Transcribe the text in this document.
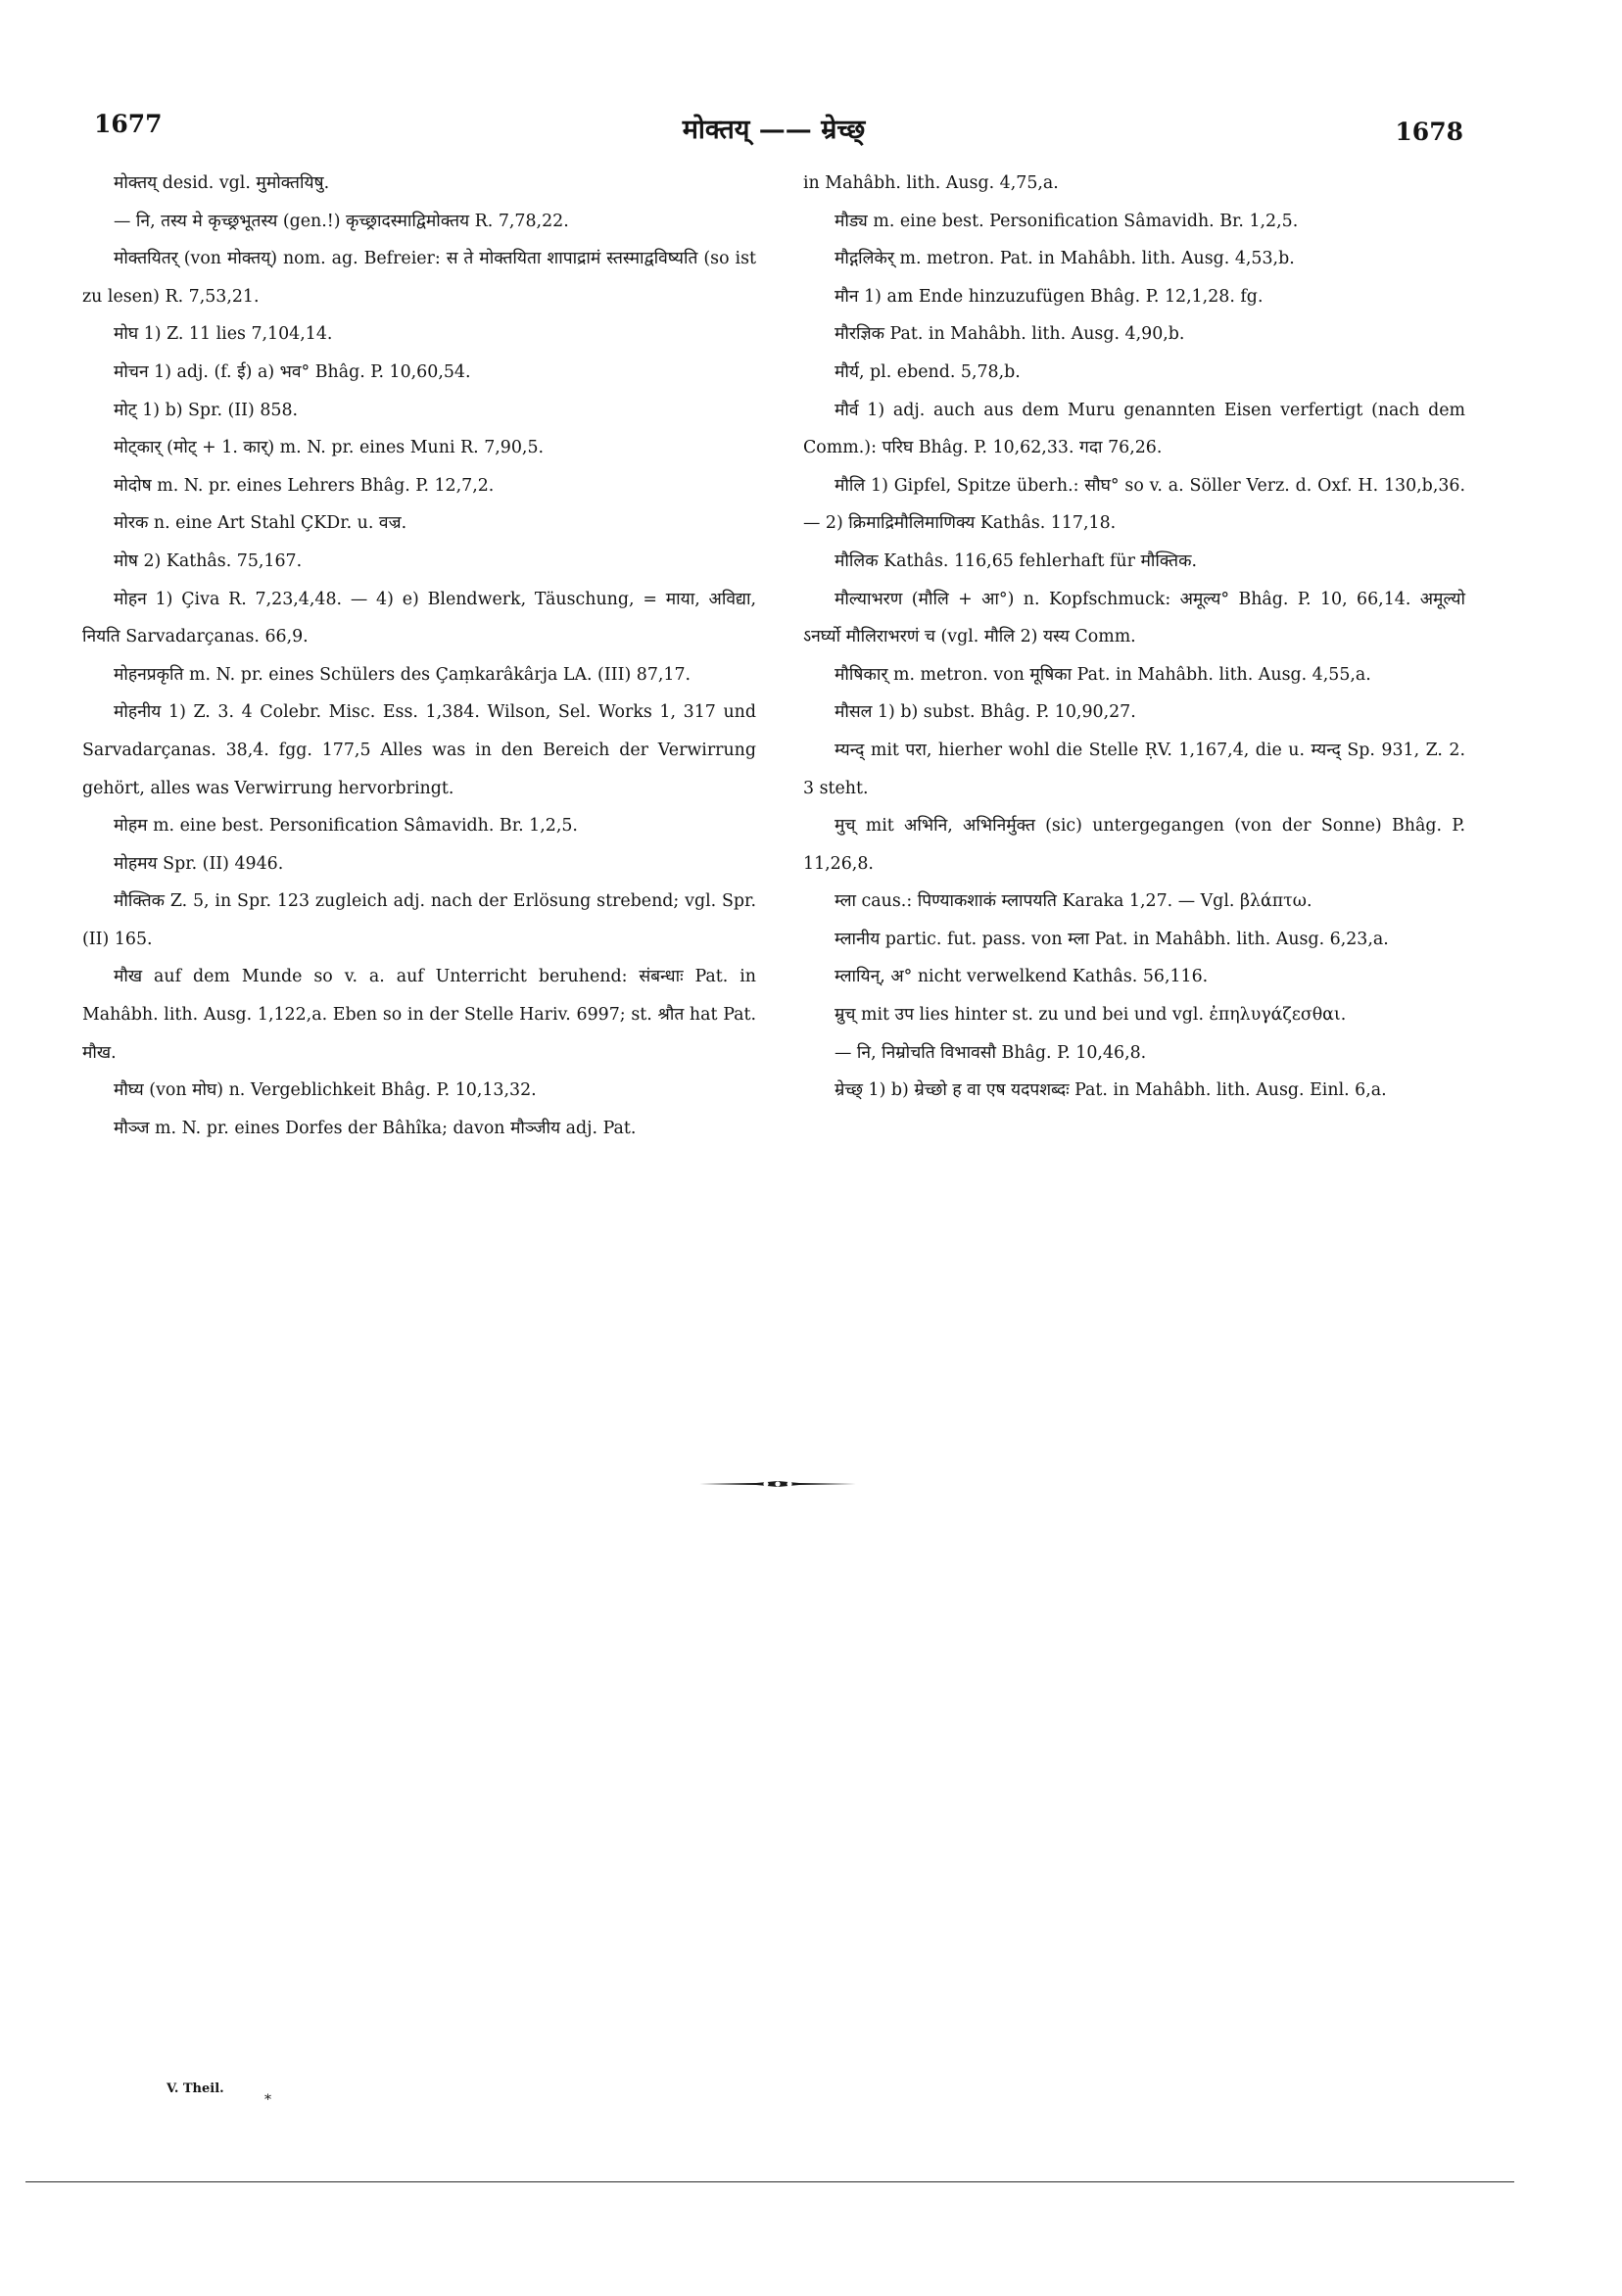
1677	मोक्तय् —— म्रेच्छ्	1678

मोक्तय् desid. vgl. मुमोक्तयिषु.

— नि, तस्य मे कृच्छ्रभूतस्य (gen.!) कृच्छ्रादस्माद्विमोक्तय R. 7,78,22.

मोक्तयितर् (von मोक्तय्) nom. ag. Befreier: स ते मोक्तयिता शापाद्रामं स्तस्माद्वविष्यति (so ist zu lesen) R. 7,53,21.

मोघ 1) Z. 11 lies 7,104,14.

मोचन 1) adj. (f. ई) a) भव° Bhâg. P. 10,60,54.

मोट् 1) b) Spr. (II) 858.

मोट्कार् (मोट् + 1. कार्) m. N. pr. eines Muni R. 7,90,5.

मोदोष m. N. pr. eines Lehrers Bhâg. P. 12,7,2.

मोरक n. eine Art Stahl ÇKDr. u. वज्र.

मोष 2) Kathâs. 75,167.

मोहन 1) Çiva R. 7,23,4,48. — 4) e) Blendwerk, Täuschung, = माया, अविद्या, नियति Sarvadarçanas. 66,9.

मोहनप्रकृति m. N. pr. eines Schülers des Çaṃkarâkârja LA. (III) 87,17.

मोहनीय 1) Z. 3. 4 Colebr. Misc. Ess. 1,384. Wilson, Sel. Works 1, 317 und Sarvadarçanas. 38,4. fgg. 177,5 Alles was in den Bereich der Verwirrung gehört, alles was Verwirrung hervorbringt.

मोहम m. eine best. Personification Sâmavidh. Br. 1,2,5.

मोहमय Spr. (II) 4946.

मौक्तिक Z. 5, in Spr. 123 zugleich adj. nach der Erlösung strebend; vgl. Spr. (II) 165.

मौख auf dem Munde so v. a. auf Unterricht beruhend: संबन्धाः Pat. in Mahâbh. lith. Ausg. 1,122,a. Eben so in der Stelle Hariv. 6997; st. श्रौत hat Pat. मौख.

मौघ्य (von मोघ) n. Vergeblichkeit Bhâg. P. 10,13,32.

मौञ्ज m. N. pr. eines Dorfes der Bâhîka; davon मौञ्जीय adj. Pat.

in Mahâbh. lith. Ausg. 4,75,a.

मौड्य m. eine best. Personification Sâmavidh. Br. 1,2,5.

मौद्गलिकेर् m. metron. Pat. in Mahâbh. lith. Ausg. 4,53,b.

मौन 1) am Ende hinzuzufügen Bhâg. P. 12,1,28. fg.

मौरज्ञिक Pat. in Mahâbh. lith. Ausg. 4,90,b.

मौर्य, pl. ebend. 5,78,b.

मौर्व 1) adj. auch aus dem Muru genannten Eisen verfertigt (nach dem Comm.): परिघ Bhâg. P. 10,62,33. गदा 76,26.

मौलि 1) Gipfel, Spitze überh.: सौघ° so v. a. Söller Verz. d. Oxf. H. 130,b,36. — 2) क्रिमाद्रिमौलिमाणिक्य Kathâs. 117,18.

मौलिक Kathâs. 116,65 fehlerhaft für मौक्तिक.

मौल्याभरण (मौलि + आ°) n. Kopfschmuck: अमूल्य° Bhâg. P. 10, 66,14. अमूल्यो ऽनर्घ्यो मौलिराभरणं च (vgl. मौलि 2) यस्य Comm.

मौषिकार् m. metron. von मूषिका Pat. in Mahâbh. lith. Ausg. 4,55,a.

मौसल 1) b) subst. Bhâg. P. 10,90,27.

म्यन्द् mit परा, hierher wohl die Stelle ṚV. 1,167,4, die u. म्यन्द् Sp. 931, Z. 2. 3 steht.

मुच् mit अभिनि, अभिनिर्मुक्त (sic) untergegangen (von der Sonne) Bhâg. P. 11,26,8.

म्ला caus.: पिण्याकशाकं म्लापयति Karaka 1,27. — Vgl. βλάπτω.

म्लानीय partic. fut. pass. von म्ला Pat. in Mahâbh. lith. Ausg. 6,23,a.

म्लायिन्, अ° nicht verwelkend Kathâs. 56,116.

म्रुच् mit उप lies hinter st. zu und bei und vgl. ἐπηλυγάζεσθαι.

— नि, निम्रोचति विभावसौ Bhâg. P. 10,46,8.

म्रेच्छ् 1) b) म्रेच्छो ह वा एष यदपशब्दः Pat. in Mahâbh. lith. Ausg. Einl. 6,a.

V. Theil.
*
